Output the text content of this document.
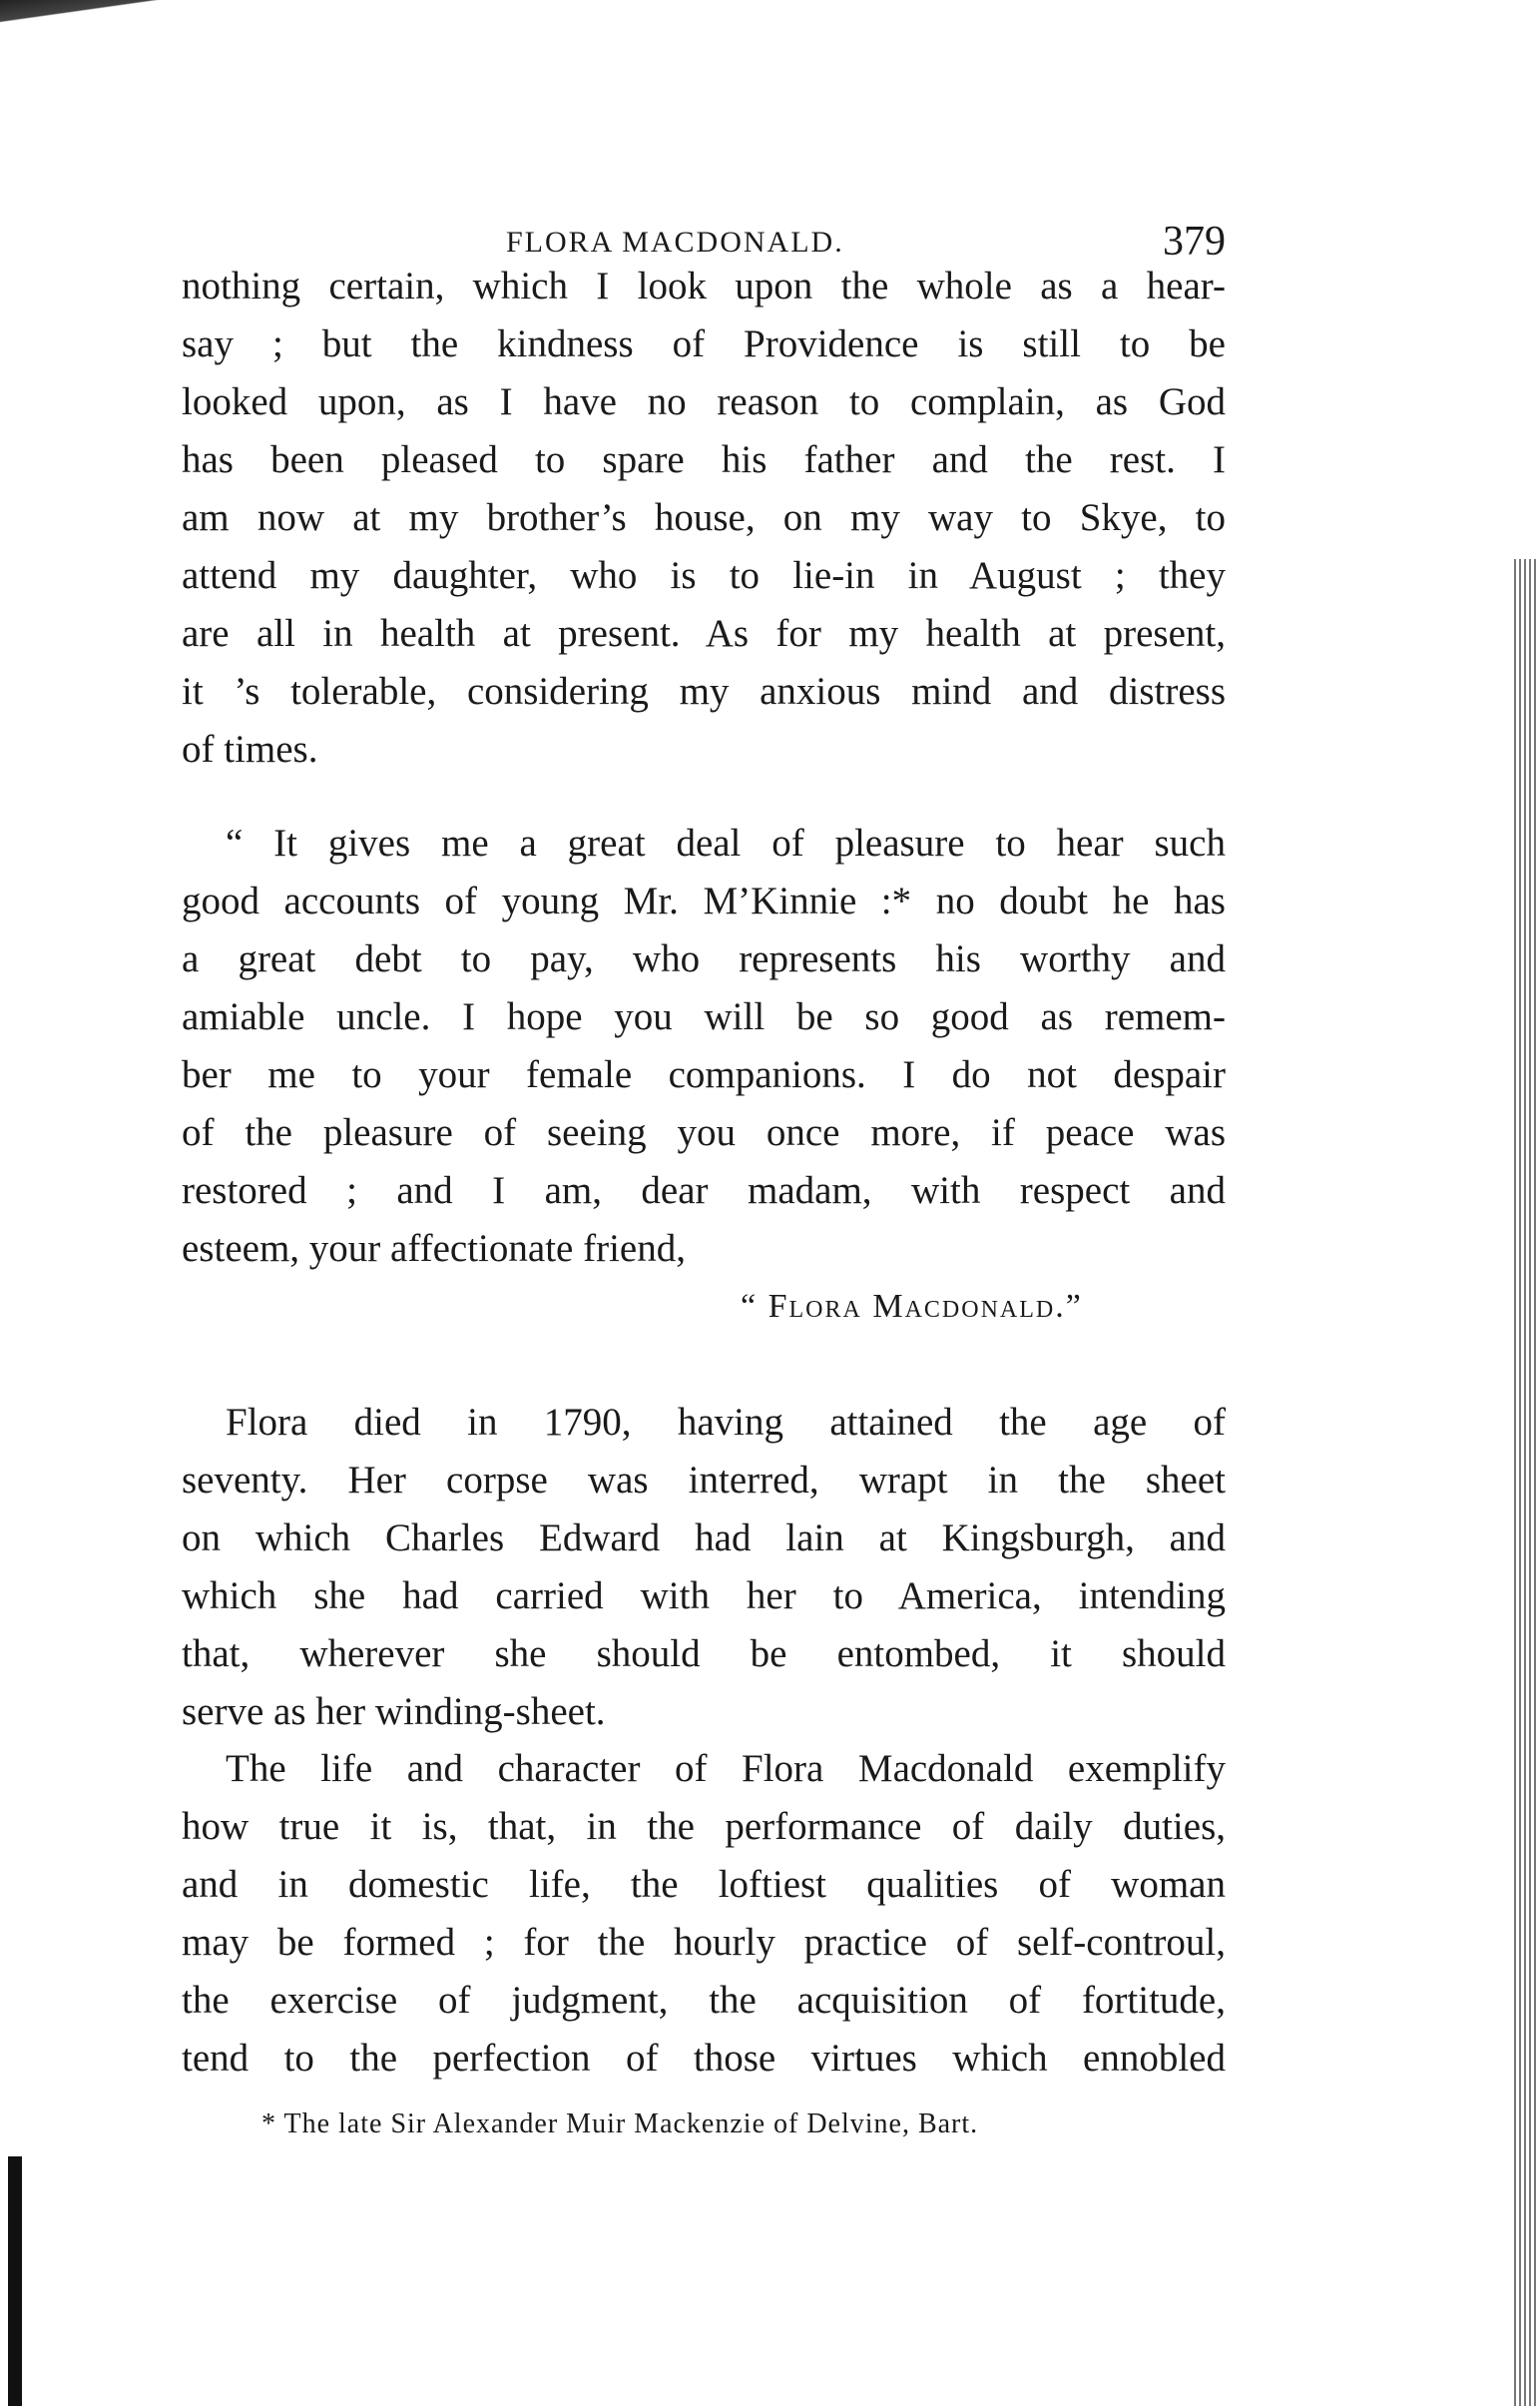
FLORA MACDONALD.	379
nothing certain, which I look upon the whole as a hear-
say ; but the kindness of Providence is still to be
looked upon, as I have no reason to complain, as God
has been pleased to spare his father and the rest. I
am now at my brother’s house, on my way to Skye, to
attend my daughter, who is to lie-in in August ; they
are all in health at present. As for my health at present,
it ’s tolerable, considering my anxious mind and distress
of times.
“ It gives me a great deal of pleasure to hear such
good accounts of young Mr. M’Kinnie :* no doubt he has
a great debt to pay, who represents his worthy and
amiable uncle. I hope you will be so good as remem-
ber me to your female companions. I do not despair
of the pleasure of seeing you once more, if peace was
restored ; and I am, dear madam, with respect and
esteem, your affectionate friend,
Flora died in 1790, having attained the age of
seventy. Her corpse was interred, wrapt in the sheet
on which Charles Edward had lain at Kingsburgh, and
which she had carried with her to America, intending
that, wherever she should be entombed, it should
serve as her winding-sheet.
The life and character of Flora Macdonald exemplify
how true it is, that, in the performance of daily duties,
and in domestic life, the loftiest qualities of woman
may be formed ; for the hourly practice of self-controul,
the exercise of judgment, the acquisition of fortitude,
tend to the perfection of those virtues which ennobled
“ Flora Macdonald.”
* The late Sir Alexander Muir Mackenzie of Delvine, Bart.
